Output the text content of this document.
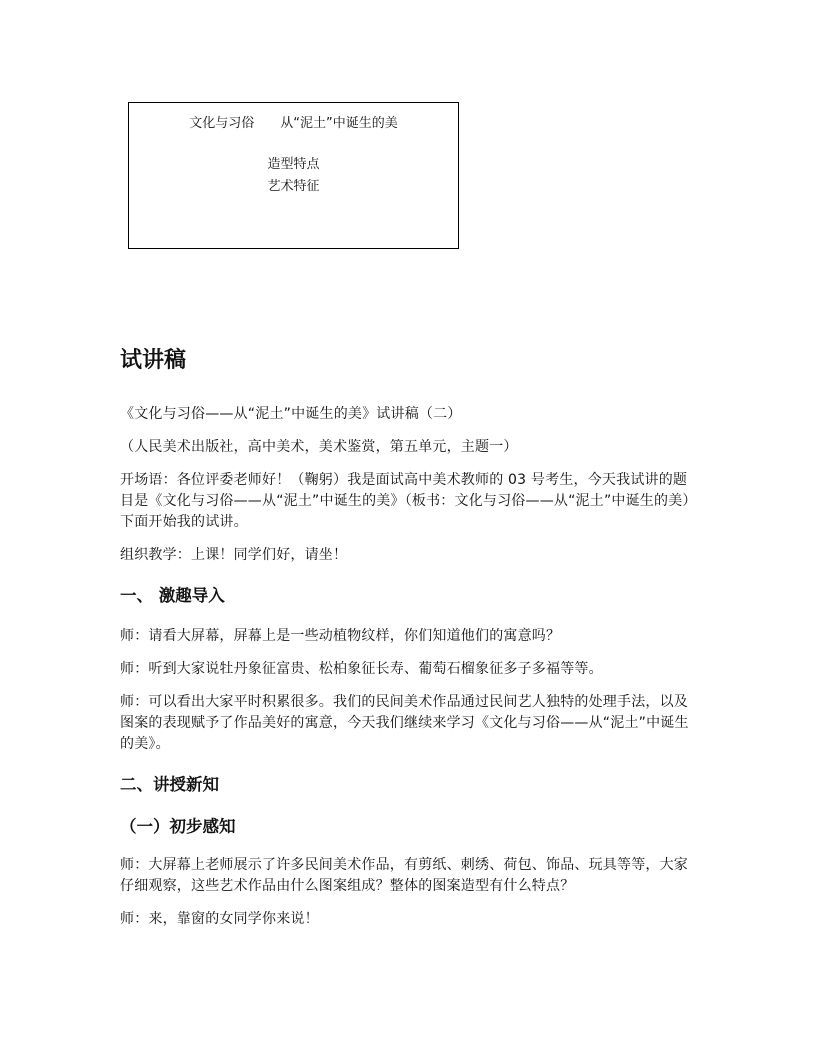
文化与习俗 从“泥土”中诞生的美
造型特点
艺术特征
试讲稿

《文化与习俗——从“泥土”中诞生的美》试讲稿（二）

（人民美术出版社，高中美术，美术鉴赏，第五单元，主题一）

开场语：各位评委老师好！（鞠躬）我是面试高中美术教师的 03 号考生，今天我试讲的题目是《文化与习俗——从“泥土”中诞生的美》（板书：文化与习俗——从“泥土”中诞生的美）下面开始我的试讲。

组织教学：上课！同学们好，请坐！

一、 激趣导入

师：请看大屏幕，屏幕上是一些动植物纹样，你们知道他们的寓意吗？

师：听到大家说牡丹象征富贵、松柏象征长寿、葡萄石榴象征多子多福等等。

师：可以看出大家平时积累很多。我们的民间美术作品通过民间艺人独特的处理手法，以及图案的表现赋予了作品美好的寓意，今天我们继续来学习《文化与习俗——从“泥土”中诞生的美》。

二、讲授新知
（一）初步感知

师：大屏幕上老师展示了许多民间美术作品，有剪纸、刺绣、荷包、饰品、玩具等等，大家仔细观察，这些艺术作品由什么图案组成？整体的图案造型有什么特点？

师：来，靠窗的女同学你来说！
